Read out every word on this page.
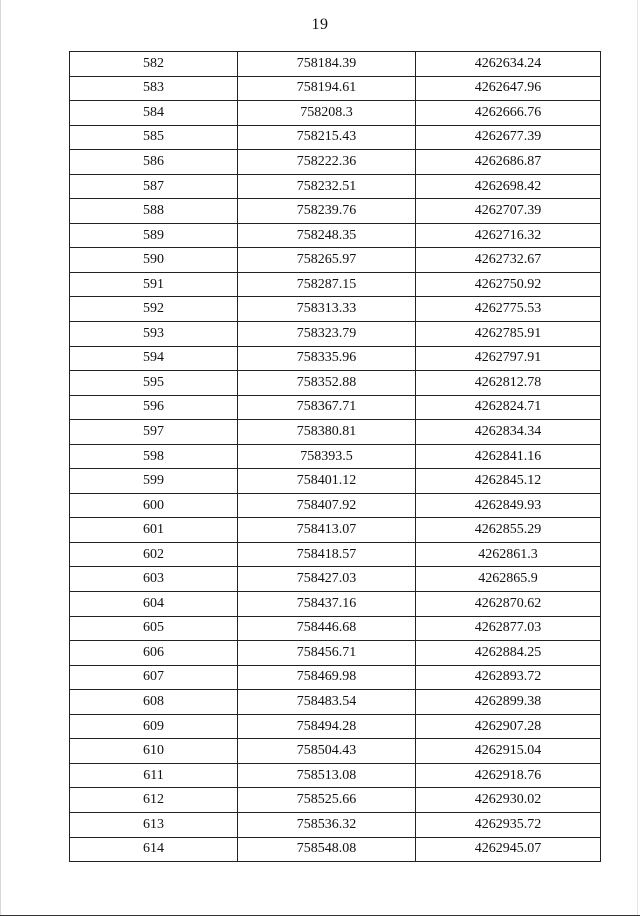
19
582	758184.39	4262634.24
583	758194.61	4262647.96
584	758208.3	4262666.76
585	758215.43	4262677.39
586	758222.36	4262686.87
587	758232.51	4262698.42
588	758239.76	4262707.39
589	758248.35	4262716.32
590	758265.97	4262732.67
591	758287.15	4262750.92
592	758313.33	4262775.53
593	758323.79	4262785.91
594	758335.96	4262797.91
595	758352.88	4262812.78
596	758367.71	4262824.71
597	758380.81	4262834.34
598	758393.5	4262841.16
599	758401.12	4262845.12
600	758407.92	4262849.93
601	758413.07	4262855.29
602	758418.57	4262861.3
603	758427.03	4262865.9
604	758437.16	4262870.62
605	758446.68	4262877.03
606	758456.71	4262884.25
607	758469.98	4262893.72
608	758483.54	4262899.38
609	758494.28	4262907.28
610	758504.43	4262915.04
611	758513.08	4262918.76
612	758525.66	4262930.02
613	758536.32	4262935.72
614	758548.08	4262945.07
